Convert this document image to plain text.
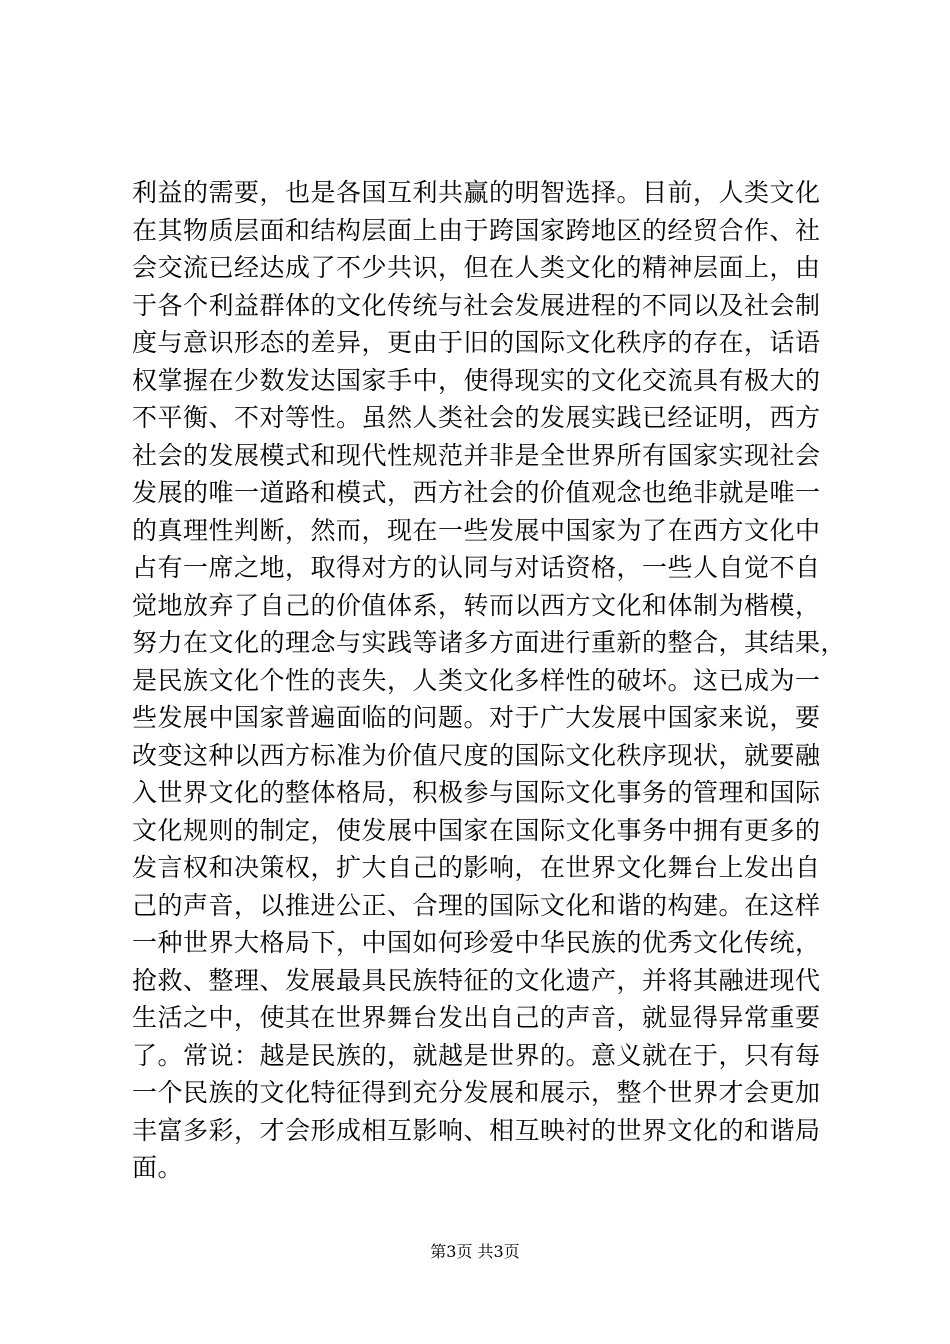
利益的需要，也是各国互利共赢的明智选择。目前，人类文化
在其物质层面和结构层面上由于跨国家跨地区的经贸合作、社
会交流已经达成了不少共识，但在人类文化的精神层面上，由
于各个利益群体的文化传统与社会发展进程的不同以及社会制
度与意识形态的差异，更由于旧的国际文化秩序的存在，话语
权掌握在少数发达国家手中，使得现实的文化交流具有极大的
不平衡、不对等性。虽然人类社会的发展实践已经证明，西方
社会的发展模式和现代性规范并非是全世界所有国家实现社会
发展的唯一道路和模式，西方社会的价值观念也绝非就是唯一
的真理性判断，然而，现在一些发展中国家为了在西方文化中
占有一席之地，取得对方的认同与对话资格，一些人自觉不自
觉地放弃了自己的价值体系，转而以西方文化和体制为楷模，
努力在文化的理念与实践等诸多方面进行重新的整合，其结果，
是民族文化个性的丧失，人类文化多样性的破坏。这已成为一
些发展中国家普遍面临的问题。对于广大发展中国家来说，要
改变这种以西方标准为价值尺度的国际文化秩序现状，就要融
入世界文化的整体格局，积极参与国际文化事务的管理和国际
文化规则的制定，使发展中国家在国际文化事务中拥有更多的
发言权和决策权，扩大自己的影响，在世界文化舞台上发出自
己的声音，以推进公正、合理的国际文化和谐的构建。在这样
一种世界大格局下，中国如何珍爱中华民族的优秀文化传统，
抢救、整理、发展最具民族特征的文化遗产，并将其融进现代
生活之中，使其在世界舞台发出自己的声音，就显得异常重要
了。常说：越是民族的，就越是世界的。意义就在于，只有每
一个民族的文化特征得到充分发展和展示，整个世界才会更加
丰富多彩，才会形成相互影响、相互映衬的世界文化的和谐局
面。
第3页 共3页
